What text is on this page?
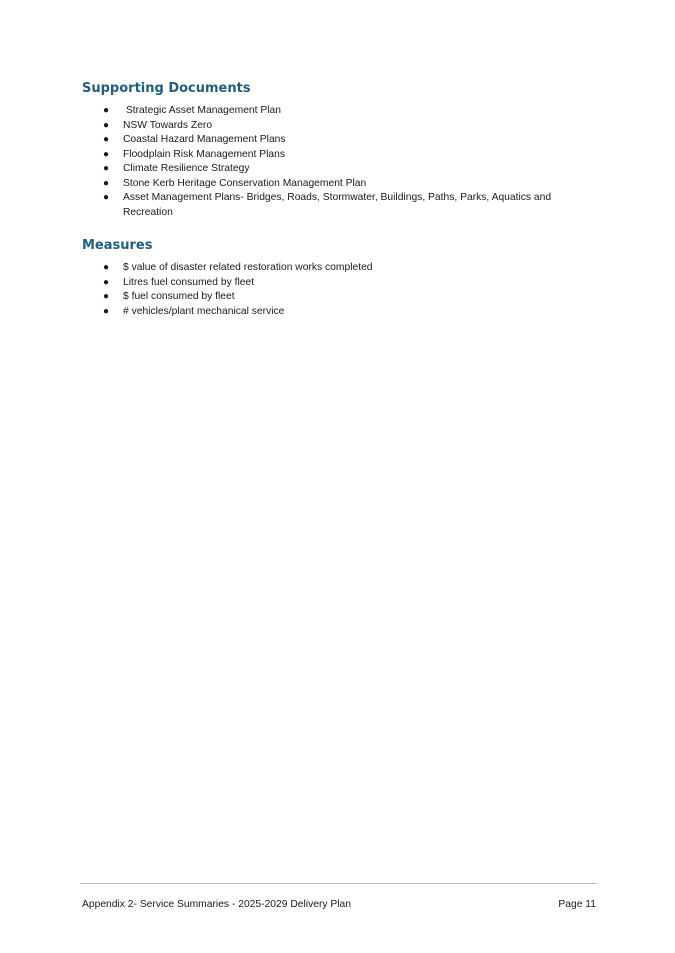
Supporting Documents
● Strategic Asset Management Plan
● NSW Towards Zero
● Coastal Hazard Management Plans
● Floodplain Risk Management Plans
● Climate Resilience Strategy
● Stone Kerb Heritage Conservation Management Plan
● Asset Management Plans- Bridges, Roads, Stormwater, Buildings, Paths, Parks, Aquatics and Recreation
Measures
● $ value of disaster related restoration works completed
● Litres fuel consumed by fleet
● $ fuel consumed by fleet
● # vehicles/plant mechanical service
Appendix 2- Service Summaries - 2025-2029 Delivery Plan	Page 11
